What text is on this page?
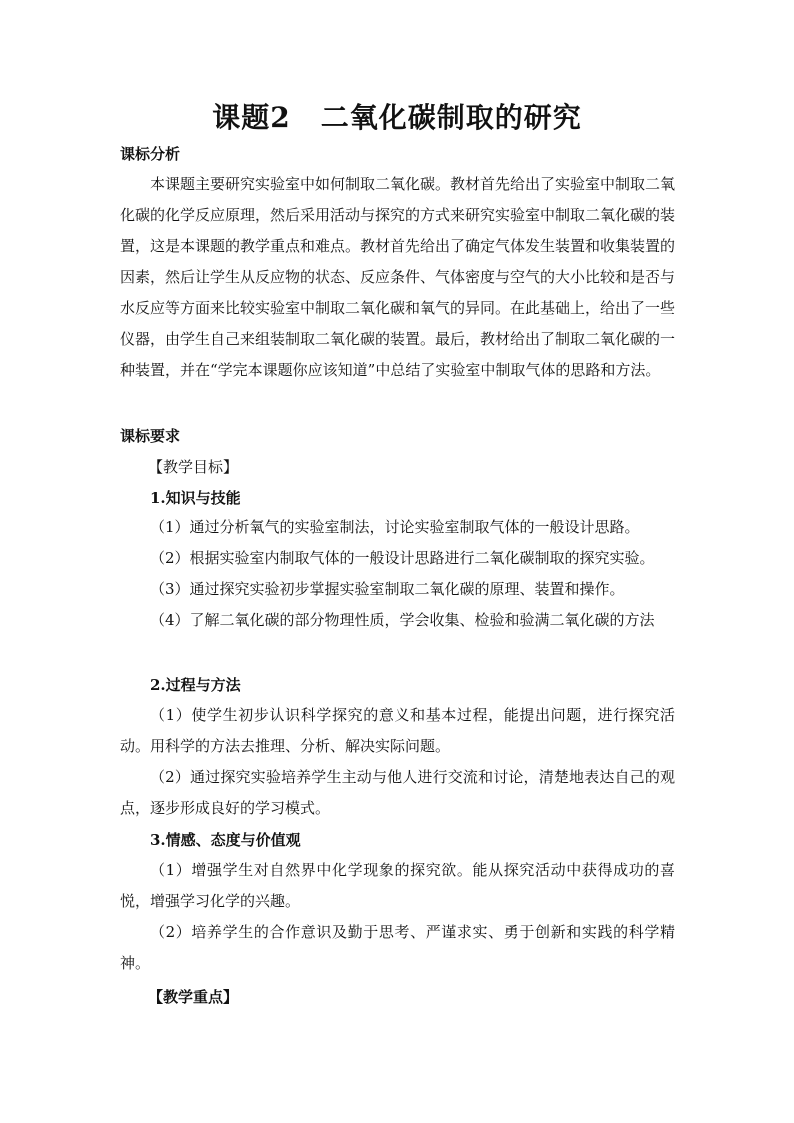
课题2 二氧化碳制取的研究
课标分析

本课题主要研究实验室中如何制取二氧化碳。教材首先给出了实验室中制取二氧化碳的化学反应原理，然后采用活动与探究的方式来研究实验室中制取二氧化碳的装置，这是本课题的教学重点和难点。教材首先给出了确定气体发生装置和收集装置的因素，然后让学生从反应物的状态、反应条件、气体密度与空气的大小比较和是否与水反应等方面来比较实验室中制取二氧化碳和氧气的异同。在此基础上，给出了一些仪器，由学生自己来组装制取二氧化碳的装置。最后，教材给出了制取二氧化碳的一种装置，并在“学完本课题你应该知道”中总结了实验室中制取气体的思路和方法。

课标要求
【教学目标】
1.知识与技能

（1）通过分析氧气的实验室制法，讨论实验室制取气体的一般设计思路。

（2）根据实验室内制取气体的一般设计思路进行二氧化碳制取的探究实验。

（3）通过探究实验初步掌握实验室制取二氧化碳的原理、装置和操作。

（4）了解二氧化碳的部分物理性质，学会收集、检验和验满二氧化碳的方法

2.过程与方法

（1）使学生初步认识科学探究的意义和基本过程，能提出问题，进行探究活动。用科学的方法去推理、分析、解决实际问题。

（2）通过探究实验培养学生主动与他人进行交流和讨论，清楚地表达自己的观点，逐步形成良好的学习模式。

3.情感、态度与价值观

（1）增强学生对自然界中化学现象的探究欲。能从探究活动中获得成功的喜悦，增强学习化学的兴趣。

（2）培养学生的合作意识及勤于思考、严谨求实、勇于创新和实践的科学精神。

【教学重点】
